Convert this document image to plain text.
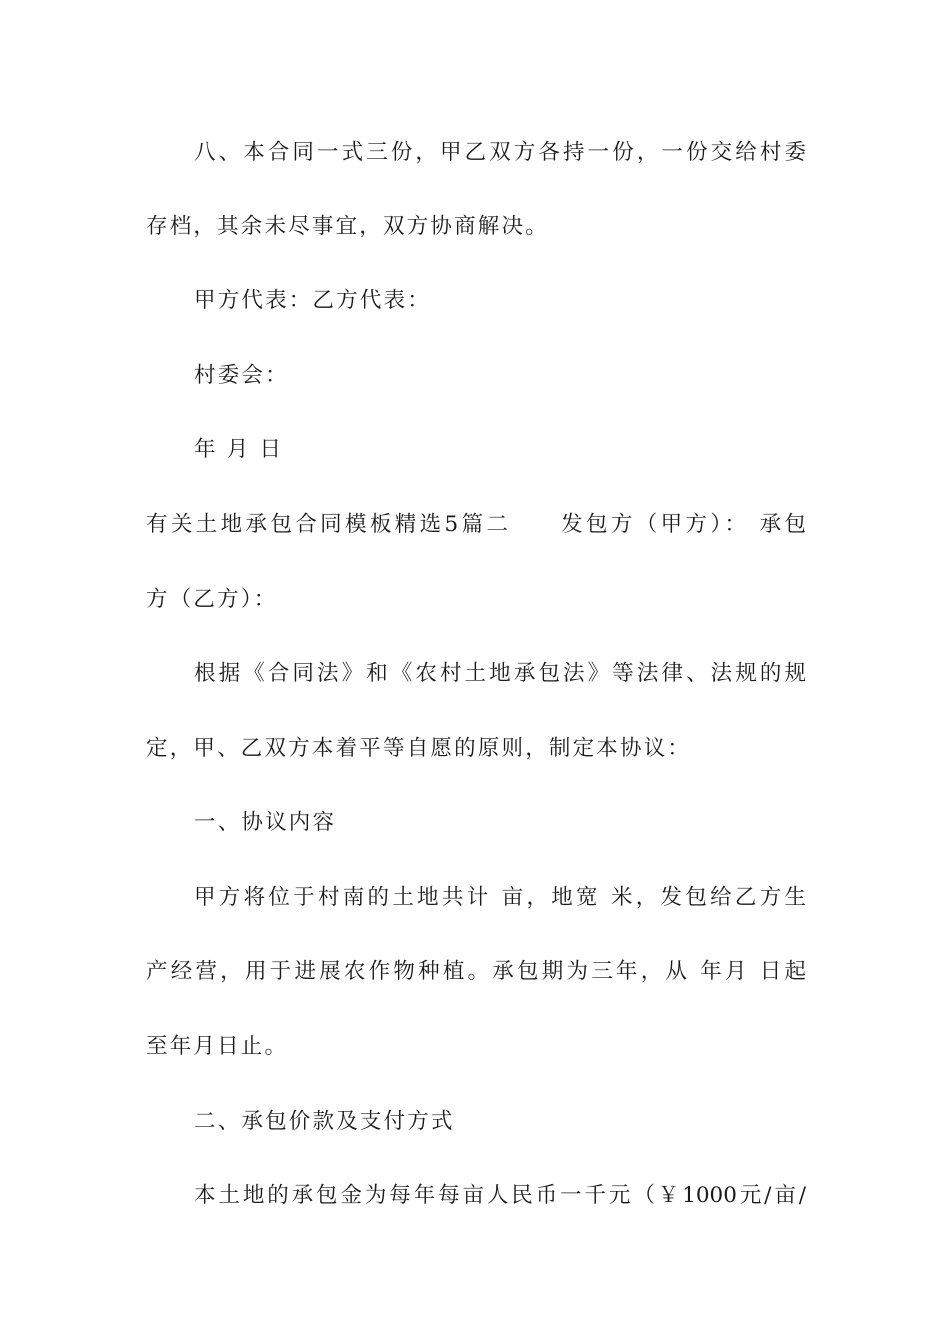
八、本合同一式三份，甲乙双方各持一份，一份交给村委
存档，其余未尽事宜，双方协商解决。
甲方代表：乙方代表：
村委会：
年 月 日
有关土地承包合同模板精选5篇二　　发包方（甲方）： 承包
方（乙方）：
根据《合同法》和《农村土地承包法》等法律、法规的规
定，甲、乙双方本着平等自愿的原则，制定本协议：
一、协议内容
甲方将位于村南的土地共计 亩，地宽 米，发包给乙方生
产经营，用于进展农作物种植。承包期为三年，从 年月 日起
至年月日止。
二、承包价款及支付方式
本土地的承包金为每年每亩人民币一千元（￥1000元/亩/
